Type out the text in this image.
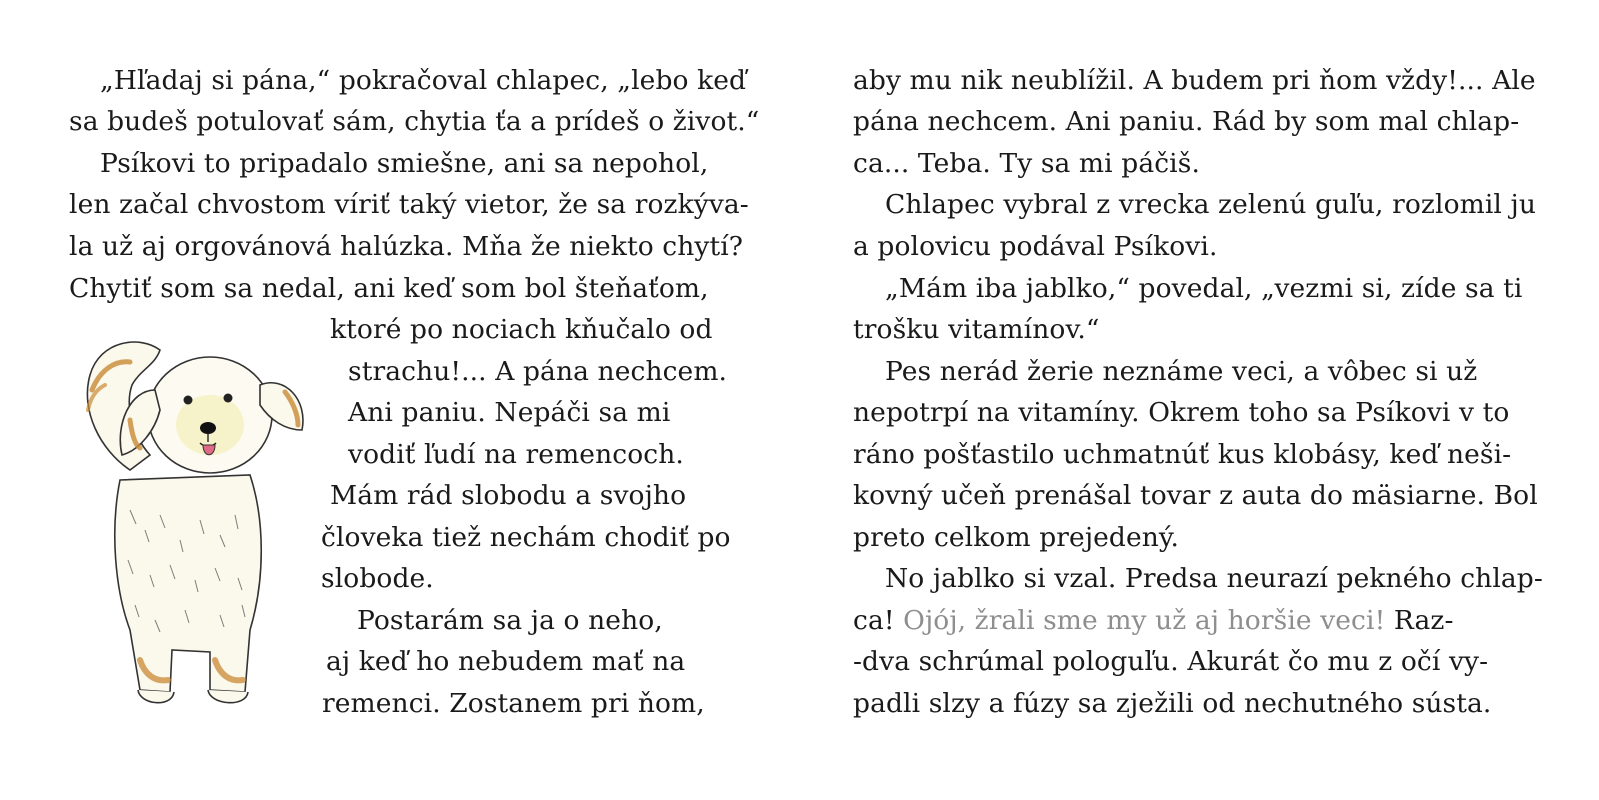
„Hľadaj si pána,“ pokračoval chlapec, „lebo keď
sa budeš potulovať sám, chytia ťa a prídeš o život.“
Psíkovi to pripadalo smiešne, ani sa nepohol,
len začal chvostom víriť taký vietor, že sa rozkýva-
la už aj orgovánová halúzka. Mňa že niekto chytí?
Chytiť som sa nedal, ani keď som bol šteňaťom,
ktoré po nociach kňučalo od
strachu!... A pána nechcem.
Ani paniu. Nepáči sa mi
vodiť ľudí na remencoch.
Mám rád slobodu a svojho
človeka tiež nechám chodiť po
slobode.
Postarám sa ja o neho,
aj keď ho nebudem mať na
remenci. Zostanem pri ňom,
aby mu nik neublížil. A budem pri ňom vždy!... Ale
pána nechcem. Ani paniu. Rád by som mal chlap-
ca... Teba. Ty sa mi páčiš.
Chlapec vybral z vrecka zelenú guľu, rozlomil ju
a polovicu podával Psíkovi.
„Mám iba jablko,“ povedal, „vezmi si, zíde sa ti
trošku vitamínov.“
Pes nerád žerie neznáme veci, a vôbec si už
nepotrpí na vitamíny. Okrem toho sa Psíkovi v to
ráno pošťastilo uchmatnúť kus klobásy, keď neši-
kovný učeň prenášal tovar z auta do mäsiarne. Bol
preto celkom prejedený.
No jablko si vzal. Predsa neurazí pekného chlap-
ca! Ojój, žrali sme my už aj horšie veci! Raz-
-dva schrúmal pologuľu. Akurát čo mu z očí vy-
padli slzy a fúzy sa zježili od nechutného sústa.
